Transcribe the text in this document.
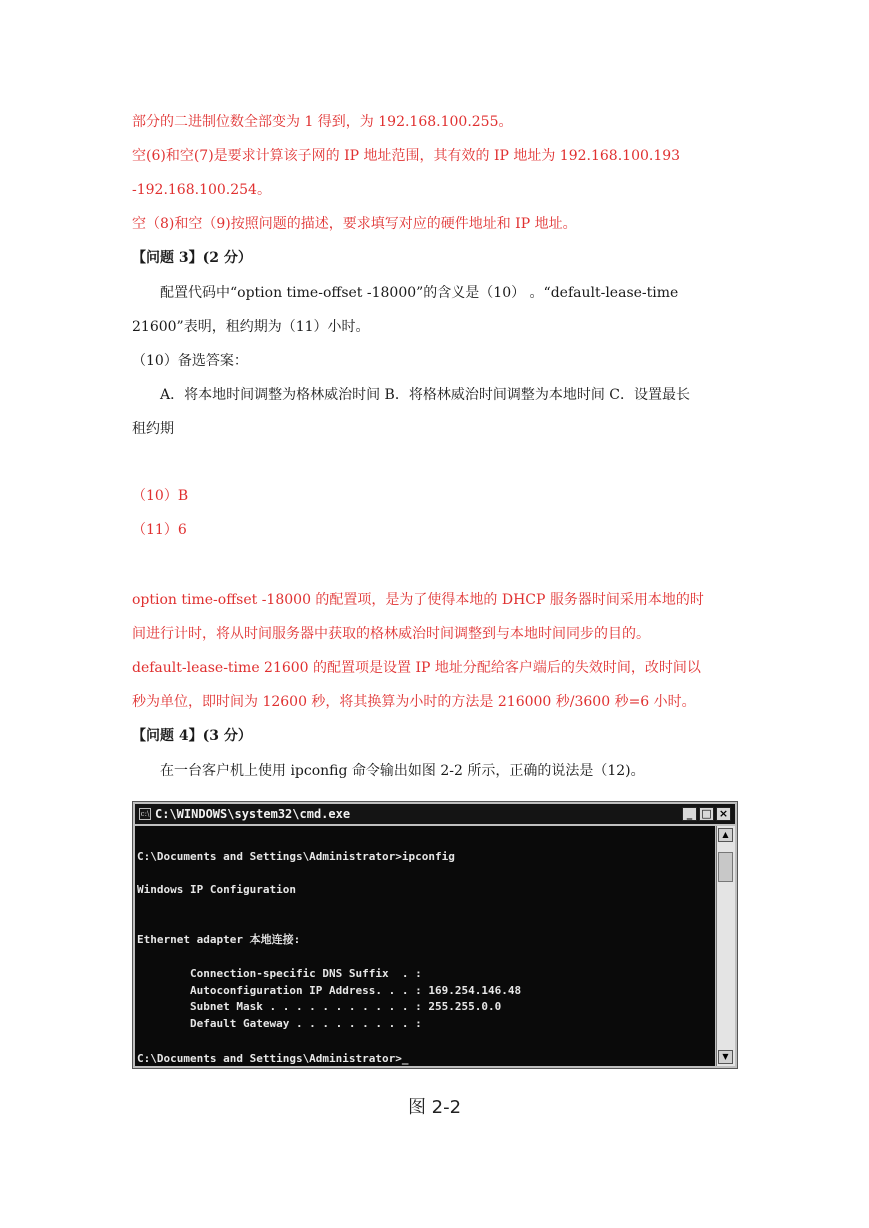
部分的二进制位数全部变为 1 得到，为 192.168.100.255。
空(6)和空(7)是要求计算该子网的 IP 地址范围，其有效的 IP 地址为 192.168.100.193
-192.168.100.254。
空（8)和空（9)按照问题的描述，要求填写对应的硬件地址和 IP 地址。
【问题 3】(2 分）
配置代码中“option time-offset -18000”的含义是（10） 。“default-lease-time
21600”表明，租约期为（11）小时。
（10）备选答案：
A．将本地时间调整为格林威治时间 B．将格林威治时间调整为本地时间 C．设置最长
租约期
（10）B
（11）6
option time-offset -18000 的配置项，是为了使得本地的 DHCP 服务器时间采用本地的时
间进行计时，将从时间服务器中获取的格林威治时间调整到与本地时间同步的目的。
default-lease-time 21600 的配置项是设置 IP 地址分配给客户端后的失效时间，改时间以
秒为单位，即时间为 12600 秒，将其换算为小时的方法是 216000 秒/3600 秒=6 小时。
【问题 4】(3 分）
在一台客户机上使用 ipconfig 命令输出如图 2-2 所示，正确的说法是（12)。
c:\ C:\WINDOWS\system32\cmd.exe	_ □ ×
C:\Documents and Settings\Administrator>ipconfig
Windows IP Configuration
Ethernet adapter 本地连接:
Connection-specific DNS Suffix  . :
Autoconfiguration IP Address. . . : 169.254.146.48
Subnet Mask . . . . . . . . . . . : 255.255.0.0
Default Gateway . . . . . . . . . :
C:\Documents and Settings\Administrator>_
▲
▼
图 2-2
